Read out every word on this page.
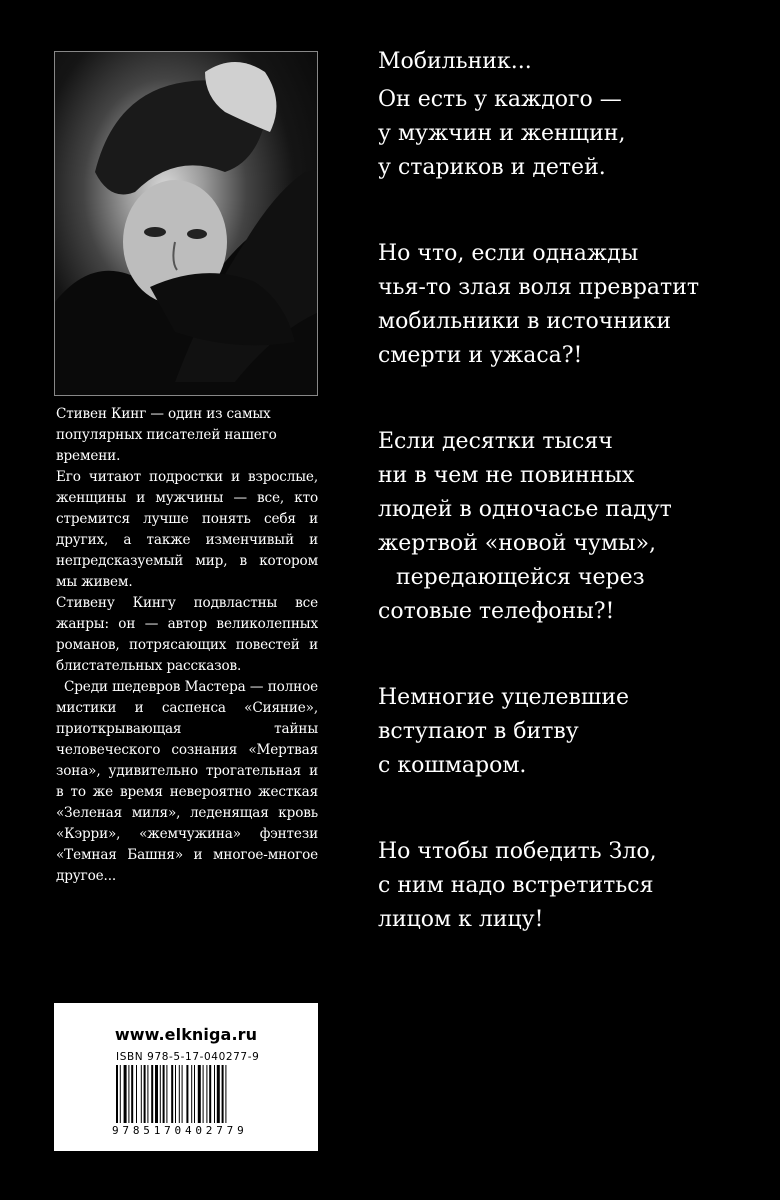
Стивен Кинг — один из самых популярных писателей нашего времени.

Его читают подростки и взрослые, женщины и мужчины — все, кто стремится лучше понять себя и других, а также изменчивый и непредсказуемый мир, в котором мы живем.

Стивену Кингу подвластны все жанры: он — автор великолепных романов, потрясающих повестей и блистательных рассказов.

Среди шедевров Мастера — полное мистики и саспенса «Сияние», приоткрывающая тайны человеческого сознания «Мертвая зона», удивительно трогательная и в то же время невероятно жесткая «Зеленая миля», леденящая кровь «Кэрри», «жемчужина» фэнтези «Темная Башня» и многое-многое другое...

www.elknіga.ru
ISBN 978-5-17-040277-9
9785170402779

Мобильник...

Он есть у каждого —
у мужчин и женщин,
у стариков и детей.

Но что, если однажды
чья-то злая воля превратит
мобильники в источники
смерти и ужаса?!

Если десятки тысяч
ни в чем не повинных
людей в одночасье падут
жертвой «новой чумы»,
передающейся через
сотовые телефоны?!

Немногие уцелевшие
вступают в битву
с кошмаром.

Но чтобы победить Зло,
с ним надо встретиться
лицом к лицу!
